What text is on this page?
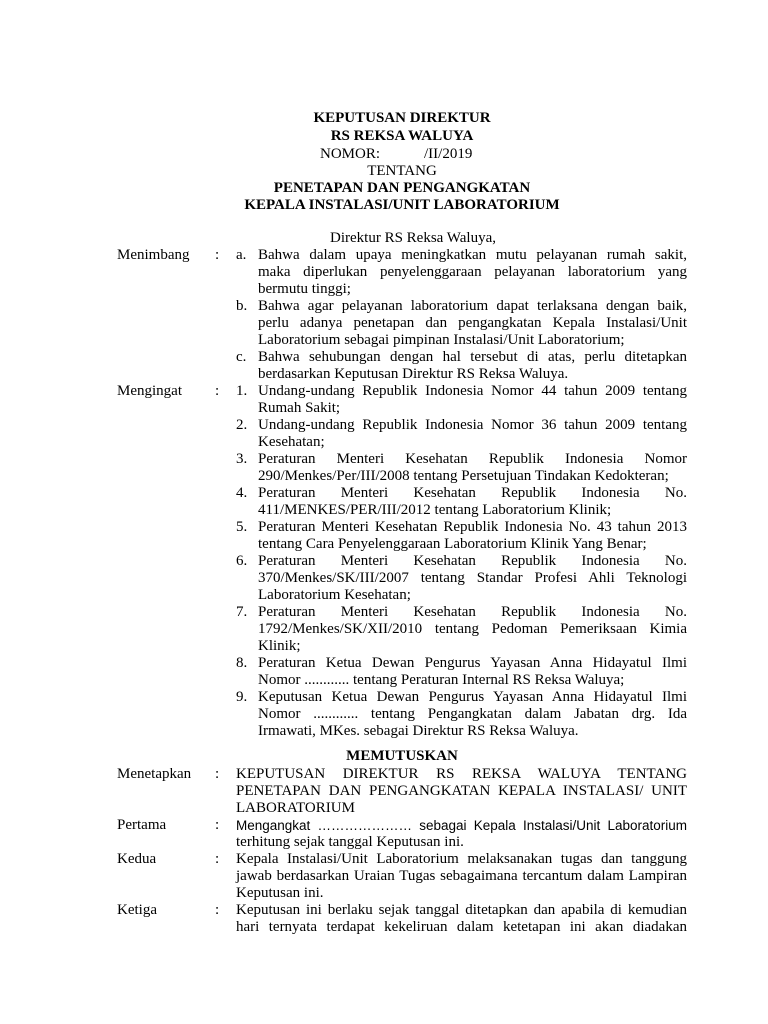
KEPUTUSAN DIREKTUR
RS REKSA WALUYA
NOMOR:	/II/2019
TENTANG
PENETAPAN DAN PENGANGKATAN
KEPALA INSTALASI/UNIT LABORATORIUM
Direktur RS Reksa Waluya,
Menimbang : a. Bahwa dalam upaya meningkatkan mutu pelayanan rumah sakit,
maka diperlukan penyelenggaraan pelayanan laboratorium yang
bermutu tinggi;
b. Bahwa agar pelayanan laboratorium dapat terlaksana dengan baik,
perlu adanya penetapan dan pengangkatan Kepala Instalasi/Unit
Laboratorium sebagai pimpinan Instalasi/Unit Laboratorium;
c. Bahwa sehubungan dengan hal tersebut di atas, perlu ditetapkan
berdasarkan Keputusan Direktur RS Reksa Waluya.
Mengingat : 1. Undang-undang Republik Indonesia Nomor 44 tahun 2009 tentang
Rumah Sakit;
2. Undang-undang Republik Indonesia Nomor 36 tahun 2009 tentang
Kesehatan;
3. Peraturan Menteri Kesehatan Republik Indonesia Nomor
290/Menkes/Per/III/2008 tentang Persetujuan Tindakan Kedokteran;
4. Peraturan Menteri Kesehatan Republik Indonesia No.
411/MENKES/PER/III/2012 tentang Laboratorium Klinik;
5. Peraturan Menteri Kesehatan Republik Indonesia No. 43 tahun 2013
tentang Cara Penyelenggaraan Laboratorium Klinik Yang Benar;
6. Peraturan Menteri Kesehatan Republik Indonesia No.
370/Menkes/SK/III/2007 tentang Standar Profesi Ahli Teknologi
Laboratorium Kesehatan;
7. Peraturan Menteri Kesehatan Republik Indonesia No.
1792/Menkes/SK/XII/2010 tentang Pedoman Pemeriksaan Kimia
Klinik;
8. Peraturan Ketua Dewan Pengurus Yayasan Anna Hidayatul Ilmi
Nomor ............ tentang Peraturan Internal RS Reksa Waluya;
9. Keputusan Ketua Dewan Pengurus Yayasan Anna Hidayatul Ilmi
Nomor ............ tentang Pengangkatan dalam Jabatan drg. Ida
Irmawati, MKes. sebagai Direktur RS Reksa Waluya.
MEMUTUSKAN
Menetapkan : KEPUTUSAN DIREKTUR RS REKSA WALUYA TENTANG
PENETAPAN DAN PENGANGKATAN KEPALA INSTALASI/ UNIT
LABORATORIUM
Pertama	: Mengangkat ………………… sebagai Kepala Instalasi/Unit Laboratorium
terhitung sejak tanggal Keputusan ini.
Kedua	: Kepala Instalasi/Unit Laboratorium melaksanakan tugas dan tanggung
jawab berdasarkan Uraian Tugas sebagaimana tercantum dalam Lampiran
Keputusan ini.
Ketiga	: Keputusan ini berlaku sejak tanggal ditetapkan dan apabila di kemudian
hari ternyata terdapat kekeliruan dalam ketetapan ini akan diadakan
